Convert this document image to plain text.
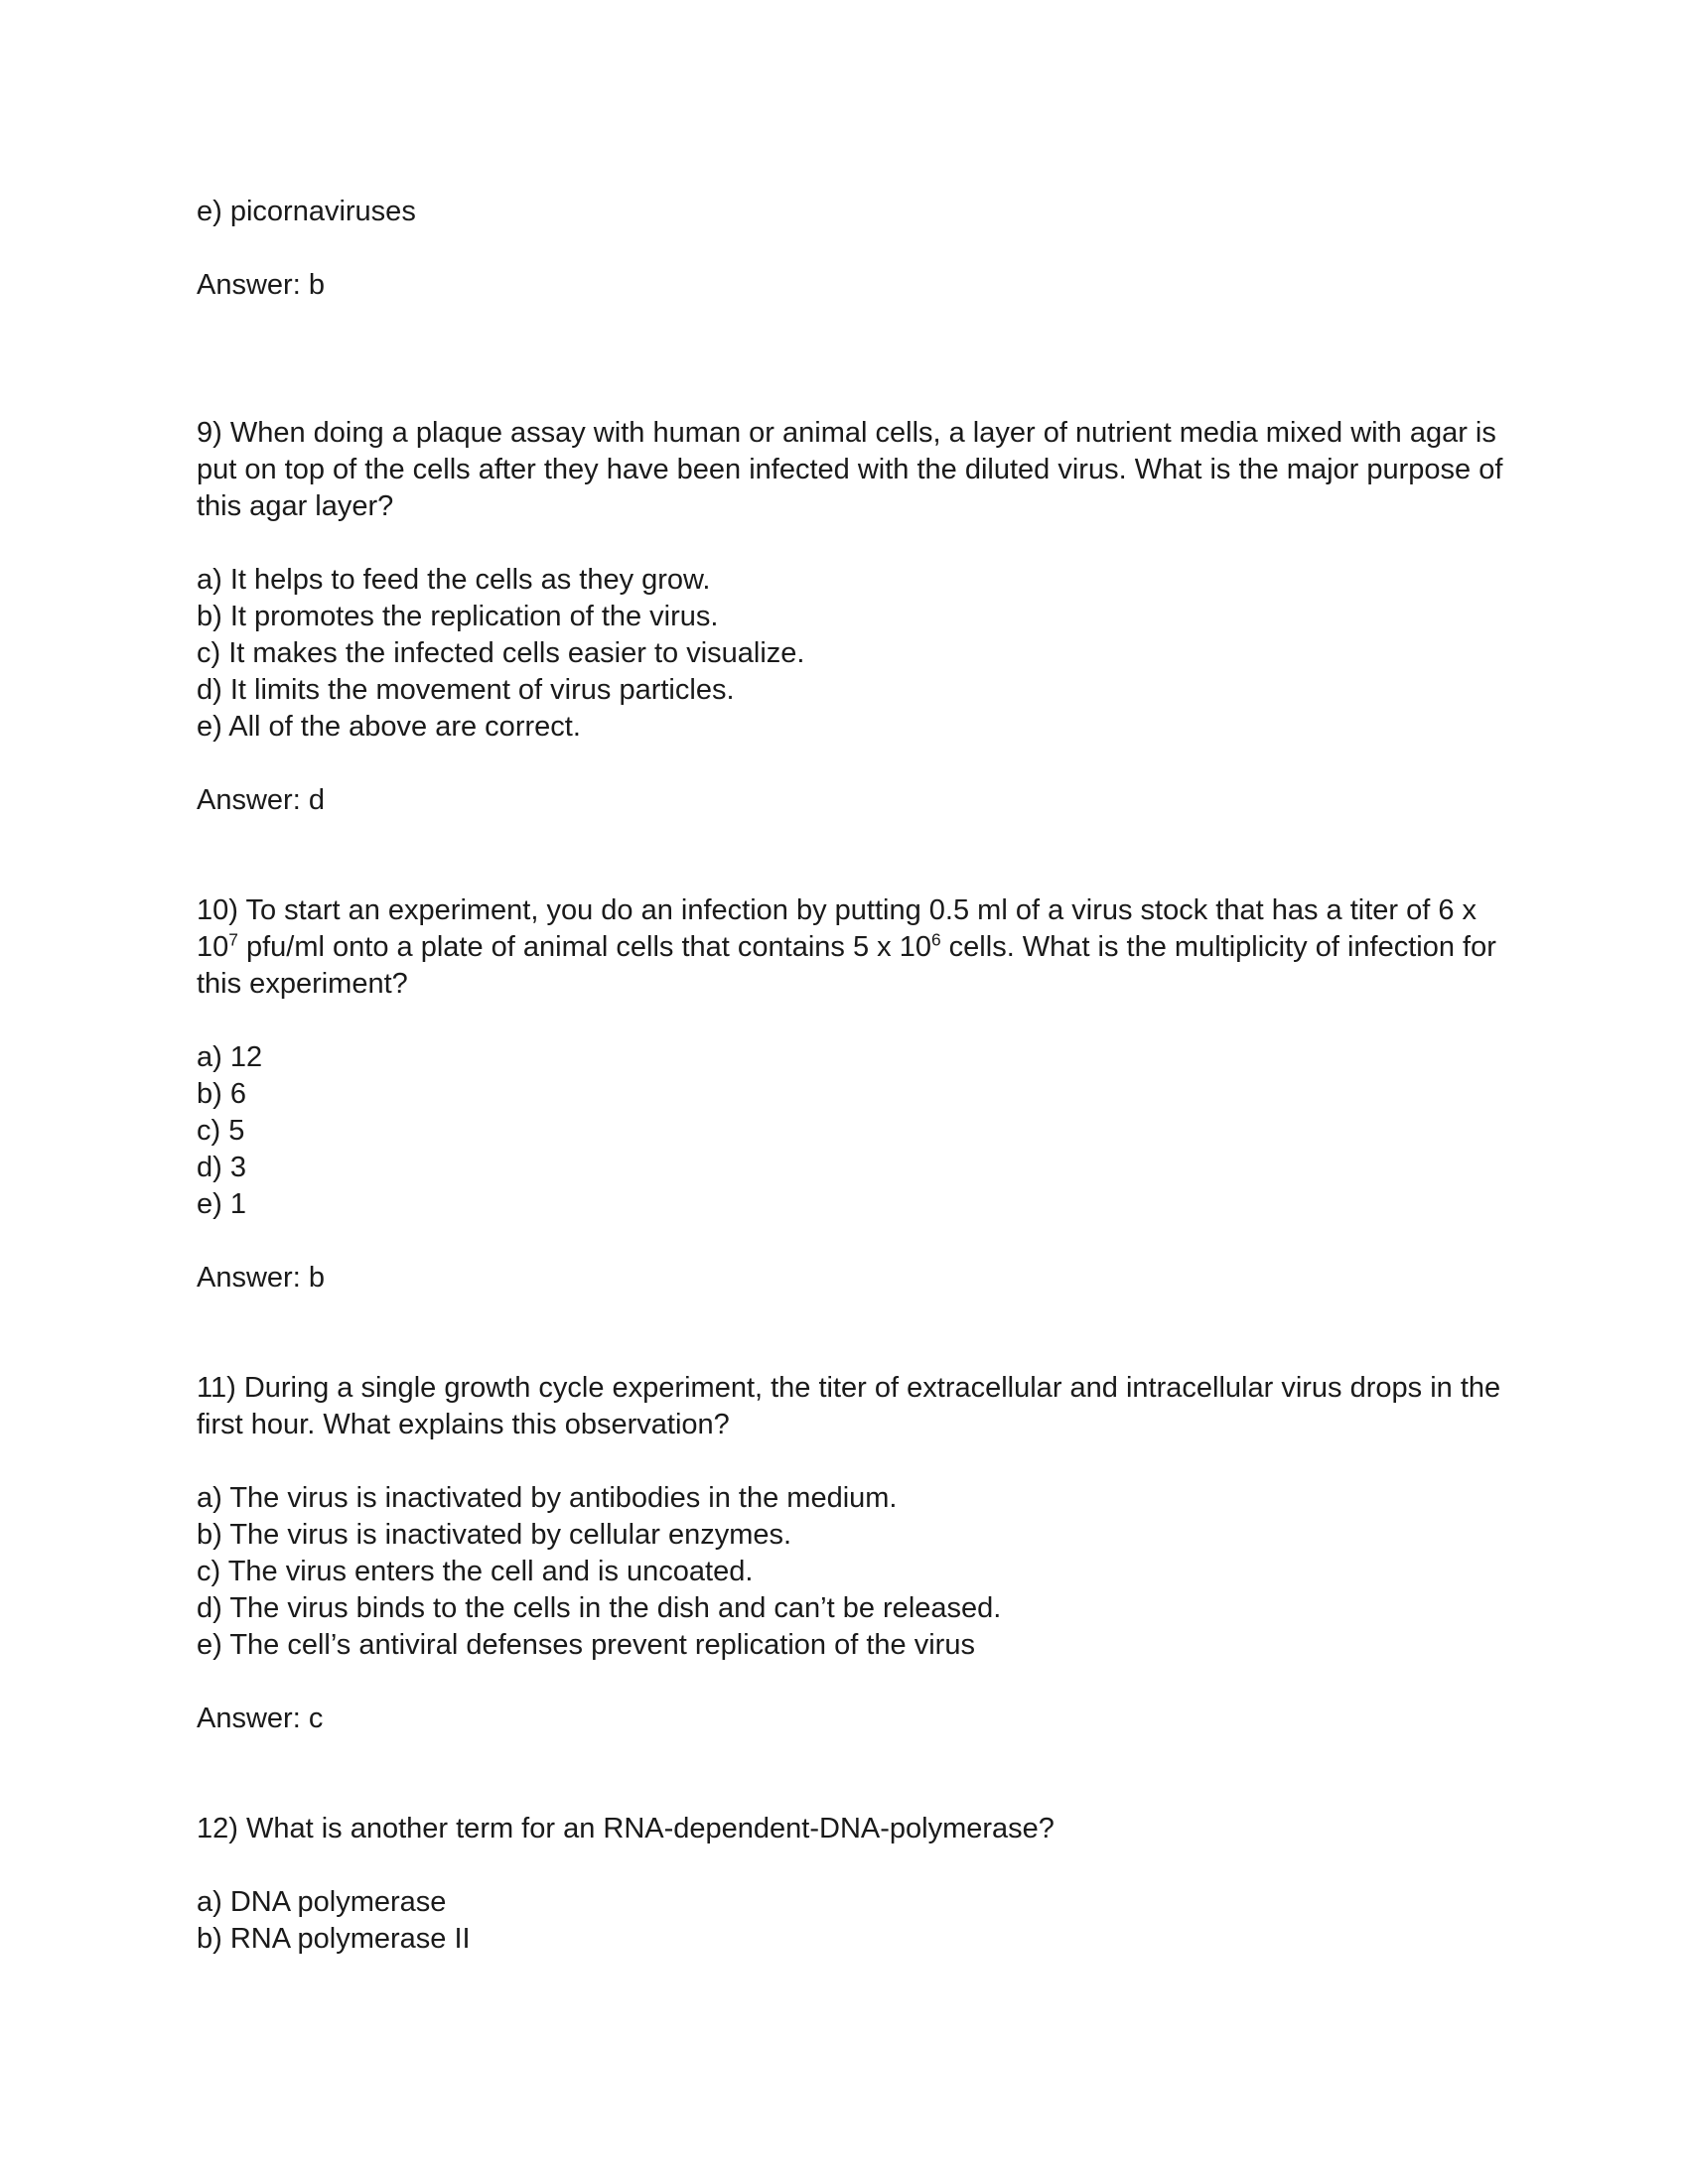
e) picornaviruses

Answer: b

9) When doing a plaque assay with human or animal cells, a layer of nutrient media mixed with agar is

put on top of the cells after they have been infected with the diluted virus. What is the major purpose of

this agar layer?

a) It helps to feed the cells as they grow.

b) It promotes the replication of the virus.

c) It makes the infected cells easier to visualize.

d) It limits the movement of virus particles.

e) All of the above are correct.

Answer: d

10) To start an experiment, you do an infection by putting 0.5 ml of a virus stock that has a titer of 6 x

$10^7$ pfu/ml onto a plate of animal cells that contains 5 x $10^6$ cells. What is the multiplicity of infection for

this experiment?

a) 12

b) 6

c) 5

d) 3

e) 1

Answer: b

11) During a single growth cycle experiment, the titer of extracellular and intracellular virus drops in the

first hour. What explains this observation?

a) The virus is inactivated by antibodies in the medium.

b) The virus is inactivated by cellular enzymes.

c) The virus enters the cell and is uncoated.

d) The virus binds to the cells in the dish and can’t be released.

e) The cell’s antiviral defenses prevent replication of the virus

Answer: c

12) What is another term for an RNA-dependent-DNA-polymerase?

a) DNA polymerase

b) RNA polymerase II
